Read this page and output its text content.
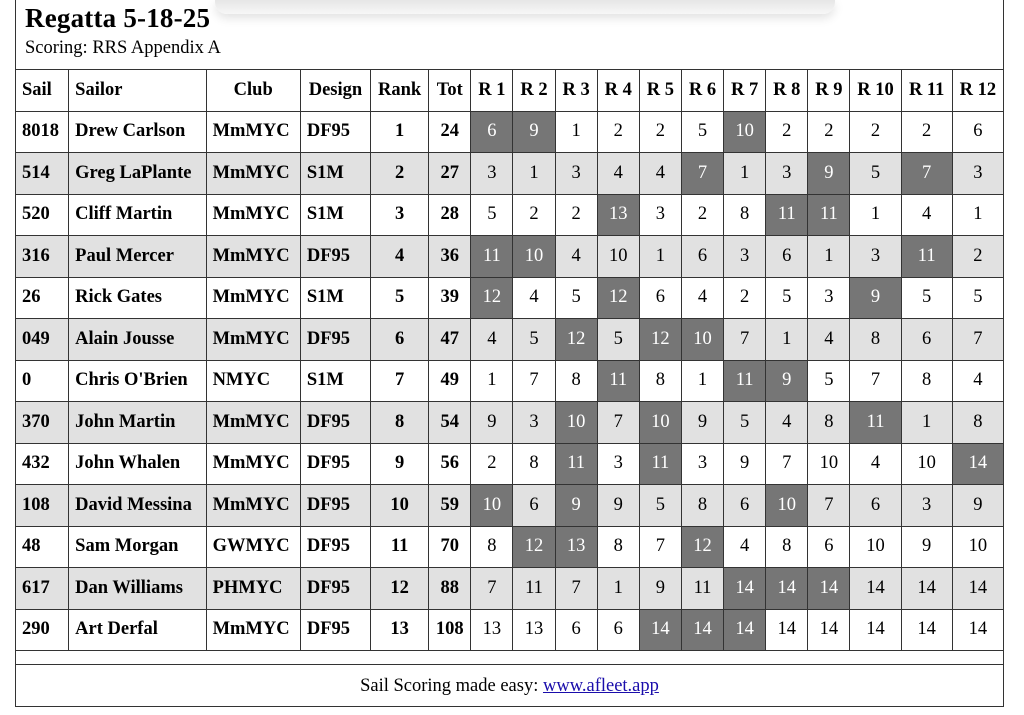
Regatta 5-18-25
Scoring: RRS Appendix A
Sail	Sailor	Club	Design	Rank	Tot	R 1	R 2	R 3	R 4	R 5	R 6	R 7	R 8	R 9	R 10	R 11	R 12
8018	Drew Carlson	MmMYC	DF95	1	24	6	9	1	2	2	5	10	2	2	2	2	6
514	Greg LaPlante	MmMYC	S1M	2	27	3	1	3	4	4	7	1	3	9	5	7	3
520	Cliff Martin	MmMYC	S1M	3	28	5	2	2	13	3	2	8	11	11	1	4	1
316	Paul Mercer	MmMYC	DF95	4	36	11	10	4	10	1	6	3	6	1	3	11	2
26	Rick Gates	MmMYC	S1M	5	39	12	4	5	12	6	4	2	5	3	9	5	5
049	Alain Jousse	MmMYC	DF95	6	47	4	5	12	5	12	10	7	1	4	8	6	7
0	Chris O'Brien	NMYC	S1M	7	49	1	7	8	11	8	1	11	9	5	7	8	4
370	John Martin	MmMYC	DF95	8	54	9	3	10	7	10	9	5	4	8	11	1	8
432	John Whalen	MmMYC	DF95	9	56	2	8	11	3	11	3	9	7	10	4	10	14
108	David Messina	MmMYC	DF95	10	59	10	6	9	9	5	8	6	10	7	6	3	9
48	Sam Morgan	GWMYC	DF95	11	70	8	12	13	8	7	12	4	8	6	10	9	10
617	Dan Williams	PHMYC	DF95	12	88	7	11	7	1	9	11	14	14	14	14	14	14
290	Art Derfal	MmMYC	DF95	13	108	13	13	6	6	14	14	14	14	14	14	14	14
Sail Scoring made easy: www.afleet.app
